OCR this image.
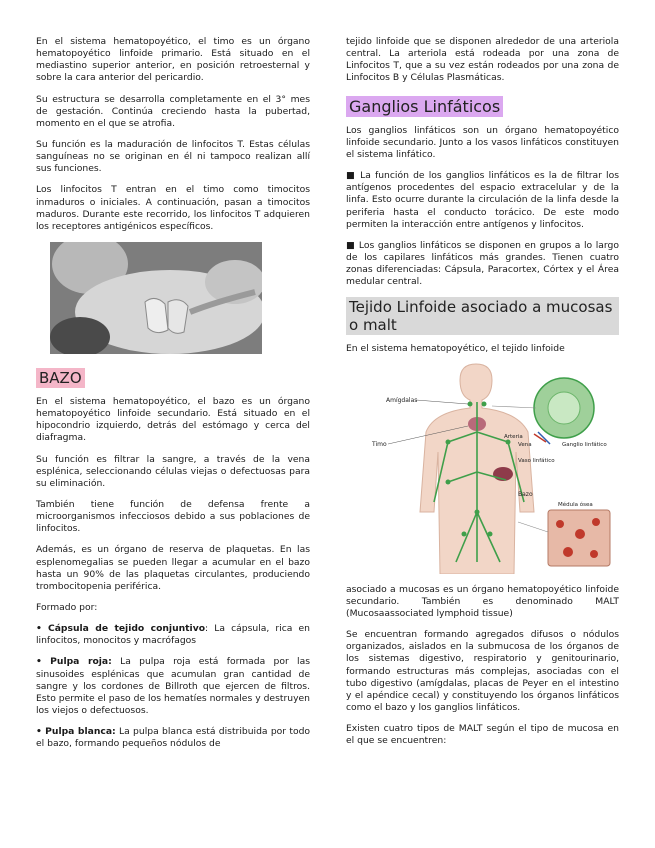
En el sistema hematopoyético, el timo es un órgano hematopoyético linfoide primario. Está situado en el mediastino superior anterior, en posición retroesternal y sobre la cara anterior del pericardio.

Su estructura se desarrolla completamente en el 3° mes de gestación. Continúa creciendo hasta la pubertad, momento en el que se atrofia.

Su función es la maduración de linfocitos T. Estas células sanguíneas no se originan en él ni tampoco realizan allí sus funciones.

Los linfocitos T entran en el timo como timocitos inmaduros o iniciales. A continuación, pasan a timocitos maduros. Durante este recorrido, los linfocitos T adquieren los receptores antigénicos específicos.

BAZO

En el sistema hematopoyético, el bazo es un órgano hematopoyético linfoide secundario. Está situado en el hipocondrio izquierdo, detrás del estómago y cerca del diafragma.

Su función es filtrar la sangre, a través de la vena esplénica, seleccionando células viejas o defectuosas para su eliminación.

También tiene función de defensa frente a microorganismos infecciosos debido a sus poblaciones de linfocitos.

Además, es un órgano de reserva de plaquetas. En las esplenomegalias se pueden llegar a acumular en el bazo hasta un 90% de las plaquetas circulantes, produciendo trombocitopenia periférica.

Formado por:

• Cápsula de tejido conjuntivo: La cápsula, rica en linfocitos, monocitos y macrófagos

• Pulpa roja: La pulpa roja está formada por las sinusoides esplénicas que acumulan gran cantidad de sangre y los cordones de Billroth que ejercen de filtros. Esto permite el paso de los hematíes normales y destruyen los viejos o defectuosos.

• Pulpa blanca: La pulpa blanca está distribuida por todo el bazo, formando pequeños nódulos de

tejido linfoide que se disponen alrededor de una arteriola central. La arteriola está rodeada por una zona de Linfocitos T, que a su vez están rodeados por una zona de Linfocitos B y Células Plasmáticas.

Ganglios Linfáticos

Los ganglios linfáticos son un órgano hematopoyético linfoide secundario. Junto a los vasos linfáticos constituyen el sistema linfático.

■ La función de los ganglios linfáticos es la de filtrar los antígenos procedentes del espacio extracelular y de la linfa. Esto ocurre durante la circulación de la linfa desde la periferia hasta el conducto torácico. De este modo permiten la interacción entre antígenos y linfocitos.

■ Los ganglios linfáticos se disponen en grupos a lo largo de los capilares linfáticos más grandes. Tienen cuatro zonas diferenciadas: Cápsula, Paracortex, Córtex y el Área medular central.

Tejido Linfoide asociado a mucosas o malt

En el sistema hematopoyético, el tejido linfoide

Amígdalas
Timo
Arteria
Vena	Ganglio linfático
Vaso linfático
Bazo
Médula ósea

asociado a mucosas es un órgano hematopoyético linfoide secundario. También es denominado MALT (Mucosaassociated lymphoid tissue)

Se encuentran formando agregados difusos o nódulos organizados, aislados en la submucosa de los órganos de los sistemas digestivo, respiratorio y genitourinario, formando estructuras más complejas, asociadas con el tubo digestivo (amígdalas, placas de Peyer en el intestino y el apéndice cecal) y constituyendo los órganos linfáticos como el bazo y los ganglios linfáticos.

Existen cuatro tipos de MALT según el tipo de mucosa en el que se encuentren:
